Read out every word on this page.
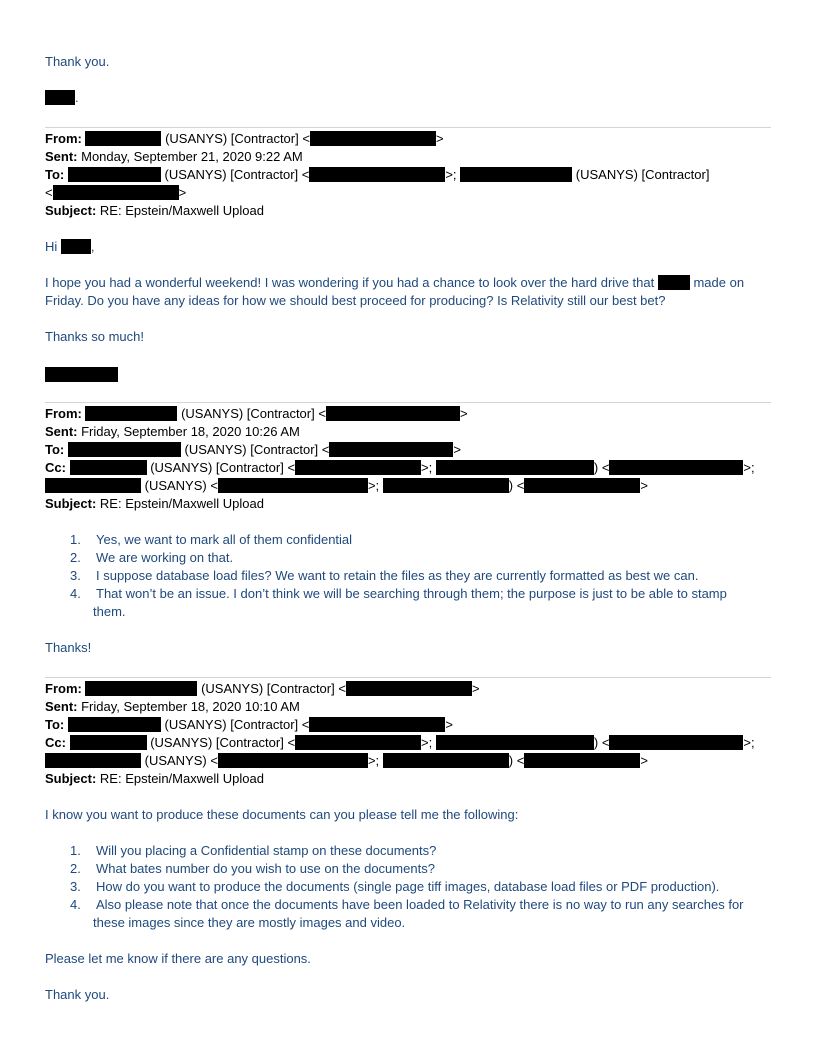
Thank you.
.
From:	(USANYS) [Contractor] <	>
Sent: Monday, September 21, 2020 9:22 AM
To:	(USANYS) [Contractor] <	>;	(USANYS) [Contractor]
<	>
Subject: RE: Epstein/Maxwell Upload
Hi ,
I hope you had a wonderful weekend! I was wondering if you had a chance to look over the hard drive that  made on
Friday. Do you have any ideas for how we should best proceed for producing? Is Relativity still our best bet?
Thanks so much!
From:	(USANYS) [Contractor] <	>
Sent: Friday, September 18, 2020 10:26 AM
To:	(USANYS) [Contractor] <	>
Cc:	(USANYS) [Contractor] <	>;	) <	>;
(USANYS) <	>;	) <	>
Subject: RE: Epstein/Maxwell Upload
1. Yes, we want to mark all of them confidential
2. We are working on that.
3. I suppose database load files? We want to retain the files as they are currently formatted as best we can.
4. That won’t be an issue. I don’t think we will be searching through them; the purpose is just to be able to stamp
them.
Thanks!
From:	(USANYS) [Contractor] <	>
Sent: Friday, September 18, 2020 10:10 AM
To:	(USANYS) [Contractor] <	>
Cc:	(USANYS) [Contractor] <	>;	) <	>;
(USANYS) <	>;	) <	>
Subject: RE: Epstein/Maxwell Upload
I know you want to produce these documents can you please tell me the following:
1. Will you placing a Confidential stamp on these documents?
2. What bates number do you wish to use on the documents?
3. How do you want to produce the documents (single page tiff images, database load files or PDF production).
4. Also please note that once the documents have been loaded to Relativity there is no way to run any searches for
these images since they are mostly images and video.
Please let me know if there are any questions.
Thank you.
